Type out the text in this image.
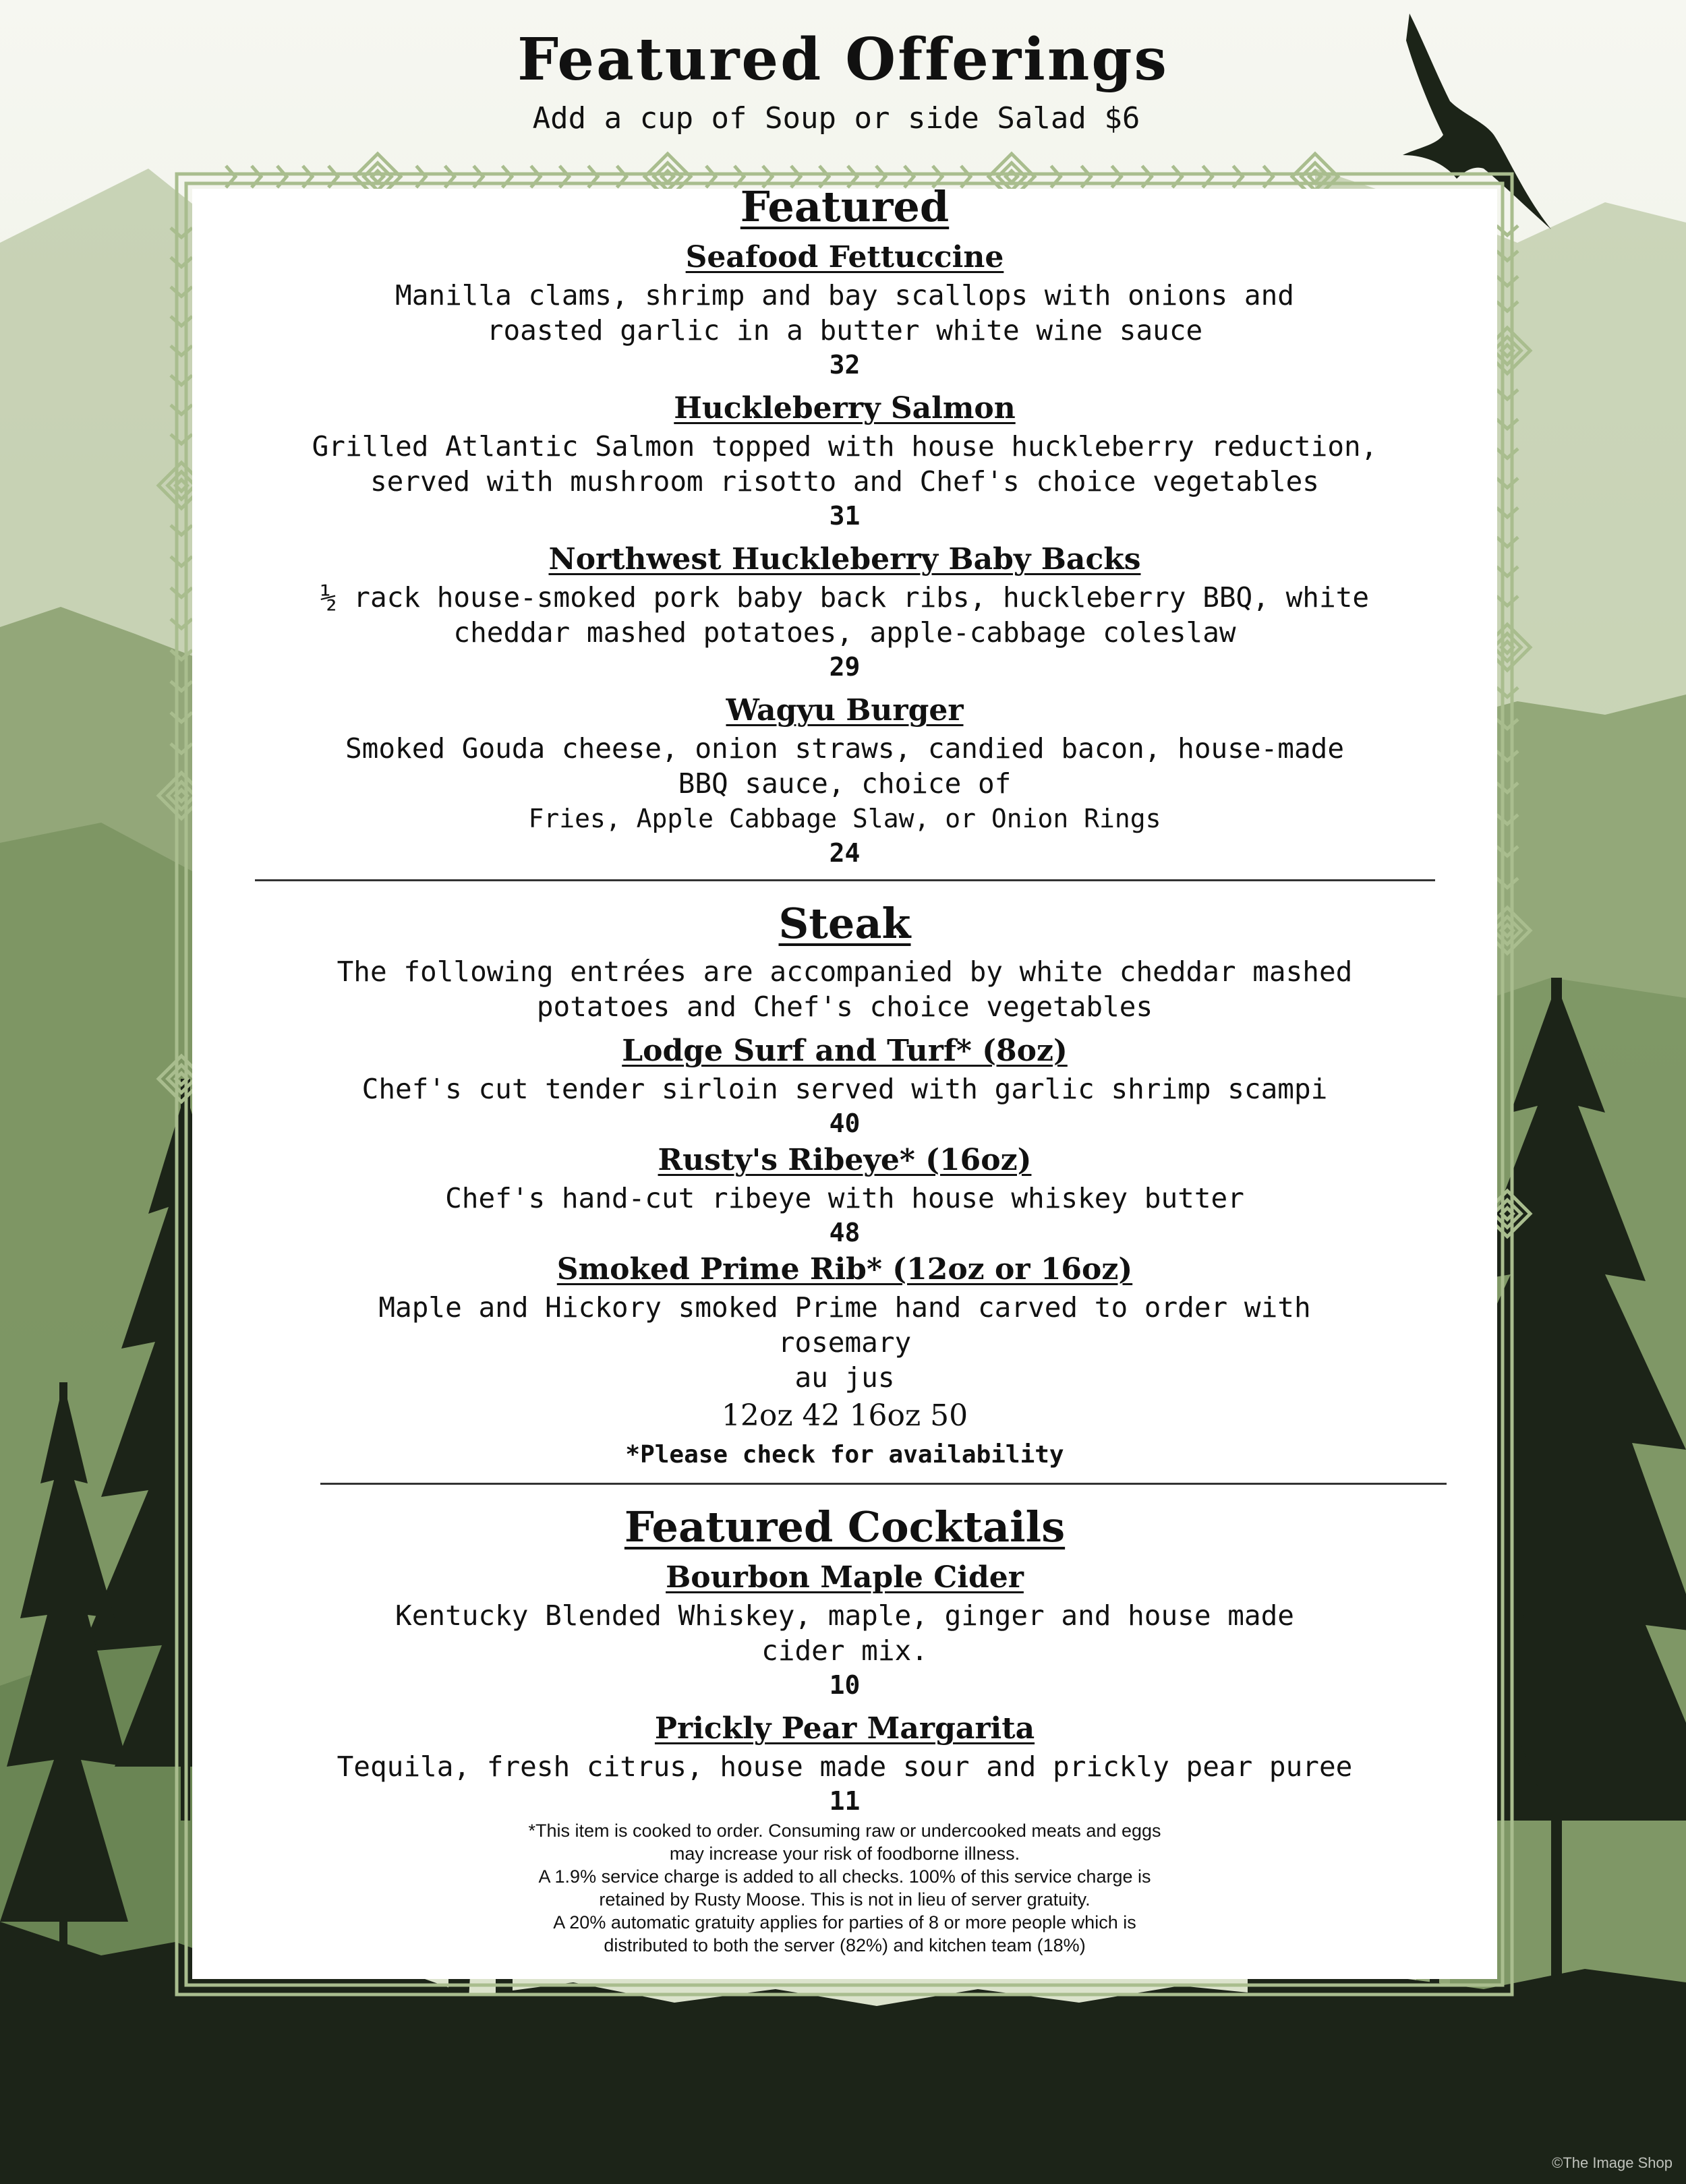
Featured Offerings
Add a cup of Soup or side Salad $6
Featured

Seafood Fettuccine

Manilla clams, shrimp and bay scallops with onions and

roasted garlic in a butter white wine sauce

32

Huckleberry Salmon

Grilled Atlantic Salmon topped with house huckleberry reduction,

served with mushroom risotto and Chef's choice vegetables

31

Northwest Huckleberry Baby Backs

½ rack house-smoked pork baby back ribs, huckleberry BBQ, white

cheddar mashed potatoes, apple-cabbage coleslaw

29

Wagyu Burger

Smoked Gouda cheese, onion straws, candied bacon, house-made

BBQ sauce, choice of

Fries, Apple Cabbage Slaw, or Onion Rings

24

Steak

The following entrées are accompanied by white cheddar mashed

potatoes and Chef's choice vegetables

Lodge Surf and Turf* (8oz)

Chef's cut tender sirloin served with garlic shrimp scampi

40

Rusty's Ribeye* (16oz)

Chef's hand-cut ribeye with house whiskey butter

48

Smoked Prime Rib* (12oz or 16oz)

Maple and Hickory smoked Prime hand carved to order with

rosemary

au jus

12oz 42 16oz 50

*Please check for availability

Featured Cocktails

Bourbon Maple Cider

Kentucky Blended Whiskey, maple, ginger and house made

cider mix.

10

Prickly Pear Margarita

Tequila, fresh citrus, house made sour and prickly pear puree

11

*This item is cooked to order. Consuming raw or undercooked meats and eggs

may increase your risk of foodborne illness.

A 1.9% service charge is added to all checks. 100% of this service charge is

retained by Rusty Moose. This is not in lieu of server gratuity.

A 20% automatic gratuity applies for parties of 8 or more people which is

distributed to both the server (82%) and kitchen team (18%)

©The Image Shop
